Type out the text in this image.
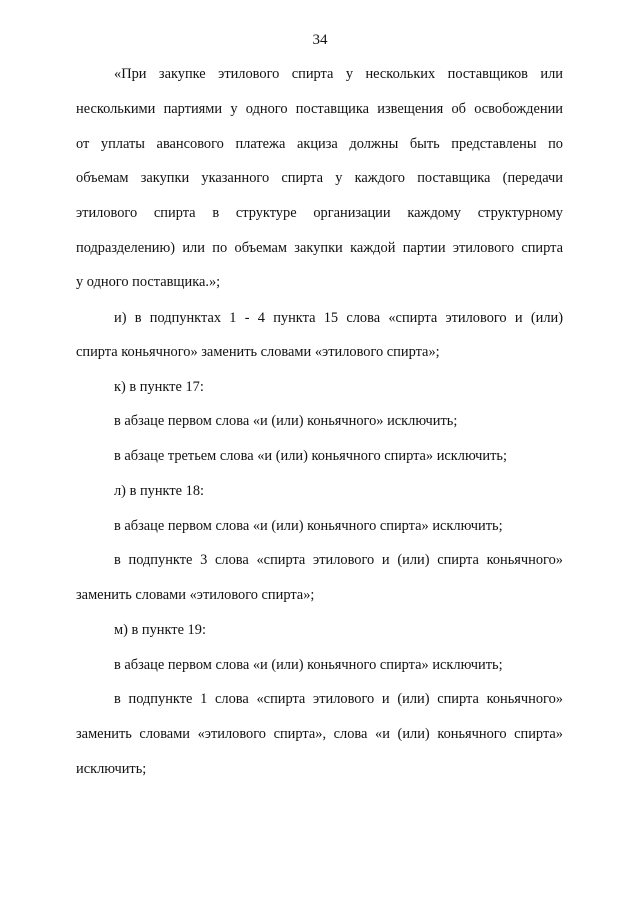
34
«При закупке этилового спирта у нескольких поставщиков или
несколькими партиями у одного поставщика извещения об освобождении
от уплаты авансового платежа акциза должны быть представлены по
объемам закупки указанного спирта у каждого поставщика (передачи
этилового спирта в структуре организации каждому структурному
подразделению) или по объемам закупки каждой партии этилового спирта
у одного поставщика.»;
и) в подпунктах 1 - 4 пункта 15 слова «спирта этилового и (или)
спирта коньячного» заменить словами «этилового спирта»;
к) в пункте 17:
в абзаце первом слова «и (или) коньячного» исключить;
в абзаце третьем слова «и (или) коньячного спирта» исключить;
л) в пункте 18:
в абзаце первом слова «и (или) коньячного спирта» исключить;
в подпункте 3 слова «спирта этилового и (или) спирта коньячного»
заменить словами «этилового спирта»;
м) в пункте 19:
в абзаце первом слова «и (или) коньячного спирта» исключить;
в подпункте 1 слова «спирта этилового и (или) спирта коньячного»
заменить словами «этилового спирта», слова «и (или) коньячного спирта»
исключить;
